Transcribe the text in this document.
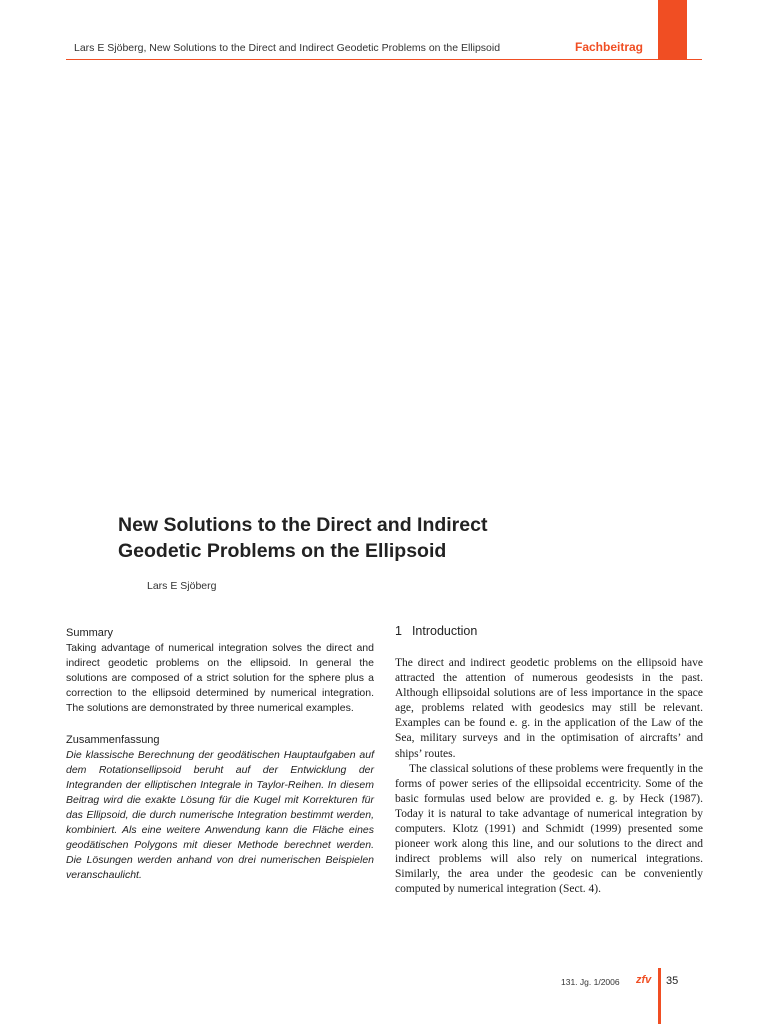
Lars E Sjöberg, New Solutions to the Direct and Indirect Geodetic Problems on the Ellipsoid	Fachbeitrag
New Solutions to the Direct and Indirect
Geodetic Problems on the Ellipsoid
Lars E Sjöberg

Summary

Taking advantage of numerical integration solves the direct and indirect geodetic problems on the ellipsoid. In general the solutions are composed of a strict solution for the sphere plus a correction to the ellipsoid determined by numerical integration. The solutions are demonstrated by three numerical examples.

Zusammenfassung

Die klassische Berechnung der geodätischen Hauptaufgaben auf dem Rotationsellipsoid beruht auf der Entwicklung der Integranden der elliptischen Integrale in Taylor-Reihen. In diesem Beitrag wird die exakte Lösung für die Kugel mit Korrekturen für das Ellipsoid, die durch numerische Integration bestimmt werden, kombiniert. Als eine weitere Anwendung kann die Fläche eines geodätischen Polygons mit dieser Methode berechnet werden. Die Lösungen werden anhand von drei numerischen Beispielen veranschaulicht.

1 Introduction

The direct and indirect geodetic problems on the ellipsoid have attracted the attention of numerous geodesists in the past. Although ellipsoidal solutions are of less importance in the space age, problems related with geodesics may still be relevant. Examples can be found e. g. in the application of the Law of the Sea, military surveys and in the optimisation of aircrafts’ and ships’ routes.

The classical solutions of these problems were frequently in the forms of power series of the ellipsoidal eccentricity. Some of the basic formulas used below are provided e. g. by Heck (1987). Today it is natural to take advantage of numerical integration by computers. Klotz (1991) and Schmidt (1999) presented some pioneer work along this line, and our solutions to the direct and indirect problems will also rely on numerical integrations. Similarly, the area under the geodesic can be conveniently computed by numerical integration (Sect. 4).

131. Jg. 1/2006 zfv 35
